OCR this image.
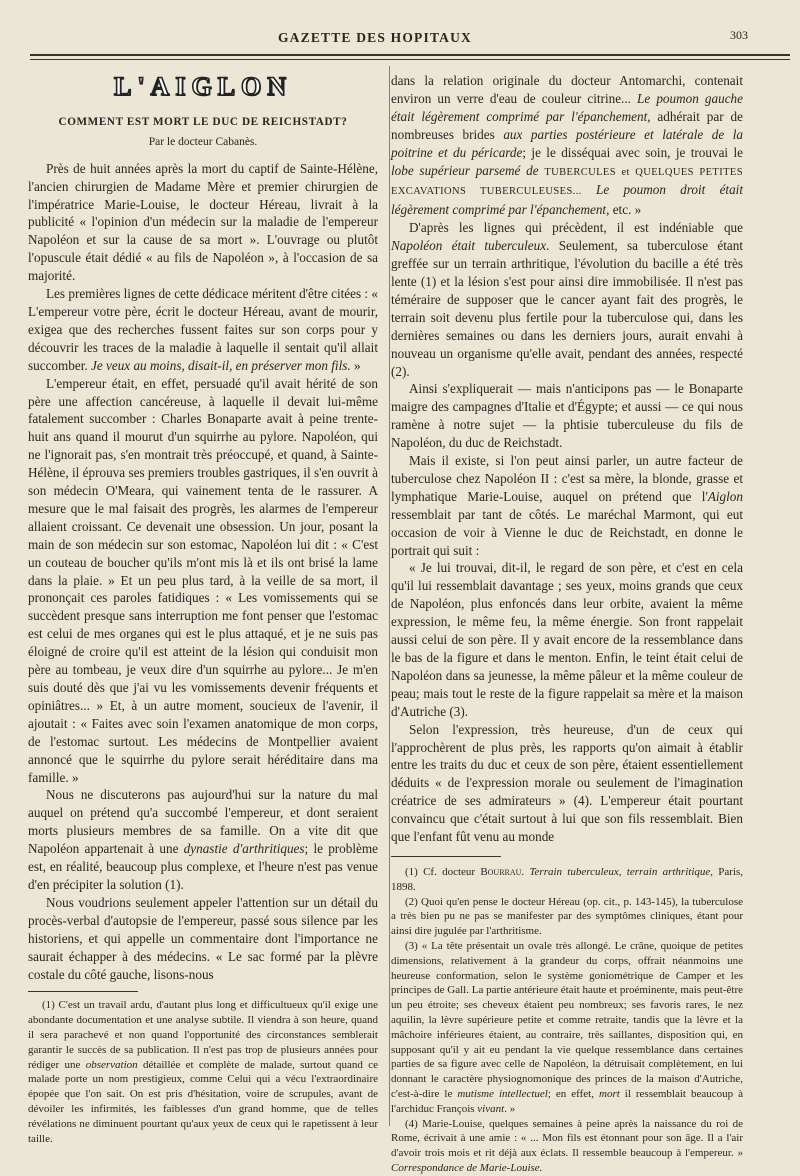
GAZETTE DES HOPITAUX	303
L'AIGLON
COMMENT EST MORT LE DUC DE REICHSTADT?
Par le docteur Cabanès.

Près de huit années après la mort du captif de Sainte-Hélène, l'ancien chirurgien de Madame Mère et premier chirurgien de l'impératrice Marie-Louise, le docteur Héreau, livrait à la publicité « l'opinion d'un médecin sur la maladie de l'empereur Napoléon et sur la cause de sa mort ». L'ouvrage ou plutôt l'opuscule était dédié « au fils de Napoléon », à l'occasion de sa majorité.

Les premières lignes de cette dédicace méritent d'être citées : « L'empereur votre père, écrit le docteur Héreau, avant de mourir, exigea que des recherches fussent faites sur son corps pour y découvrir les traces de la maladie à laquelle il sentait qu'il allait succomber. Je veux au moins, disait-il, en préserver mon fils. »

L'empereur était, en effet, persuadé qu'il avait hérité de son père une affection cancéreuse, à laquelle il devait lui-même fatalement succomber : Charles Bonaparte avait à peine trente-huit ans quand il mourut d'un squirrhe au pylore. Napoléon, qui ne l'ignorait pas, s'en montrait très préoccupé, et quand, à Sainte-Hélène, il éprouva ses premiers troubles gastriques, il s'en ouvrit à son médecin O'Meara, qui vainement tenta de le rassurer. A mesure que le mal faisait des progrès, les alarmes de l'empereur allaient croissant. Ce devenait une obsession. Un jour, posant la main de son médecin sur son estomac, Napoléon lui dit : « C'est un couteau de boucher qu'ils m'ont mis là et ils ont brisé la lame dans la plaie. » Et un peu plus tard, à la veille de sa mort, il prononçait ces paroles fatidiques : « Les vomissements qui se succèdent presque sans interruption me font penser que l'estomac est celui de mes organes qui est le plus attaqué, et je ne suis pas éloigné de croire qu'il est atteint de la lésion qui conduisit mon père au tombeau, je veux dire d'un squirrhe au pylore... Je m'en suis douté dès que j'ai vu les vomissements devenir fréquents et opiniâtres... » Et, à un autre moment, soucieux de l'avenir, il ajoutait : « Faites avec soin l'examen anatomique de mon corps, de l'estomac surtout. Les médecins de Montpellier avaient annoncé que le squirrhe du pylore serait héréditaire dans ma famille. »

Nous ne discuterons pas aujourd'hui sur la nature du mal auquel on prétend qu'a succombé l'empereur, et dont seraient morts plusieurs membres de sa famille. On a vite dit que Napoléon appartenait à une dynastie d'arthritiques; le problème est, en réalité, beaucoup plus complexe, et l'heure n'est pas venue d'en précipiter la solution (1).

Nous voudrions seulement appeler l'attention sur un détail du procès-verbal d'autopsie de l'empereur, passé sous silence par les historiens, et qui appelle un commentaire dont l'importance ne saurait échapper à des médecins. « Le sac formé par la plèvre costale du côté gauche, lisons-nous

(1) C'est un travail ardu, d'autant plus long et difficultueux qu'il exige une abondante documentation et une analyse subtile. Il viendra à son heure, quand il sera parachevé et non quand l'opportunité des circonstances semblerait garantir le succès de sa publication. Il n'est pas trop de plusieurs années pour rédiger une observation détaillée et complète de malade, surtout quand ce malade porte un nom prestigieux, comme Celui qui a vécu l'extraordinaire épopée que l'on sait. On est pris d'hésitation, voire de scrupules, avant de dévoiler les infirmités, les faiblesses d'un grand homme, que de telles révélations ne diminuent pourtant qu'aux yeux de ceux qui le rapetissent à leur taille.

dans la relation originale du docteur Antomarchi, contenait environ un verre d'eau de couleur citrine... Le poumon gauche était légèrement comprimé par l'épanchement, adhérait par de nombreuses brides aux parties postérieure et latérale de la poitrine et du péricarde; je le disséquai avec soin, je trouvai le lobe supérieur parsemé de TUBERCULES et QUELQUES PETITES EXCAVATIONS TUBERCULEUSES... Le poumon droit était légèrement comprimé par l'épanchement, etc. »

D'après les lignes qui précèdent, il est indéniable que Napoléon était tuberculeux. Seulement, sa tuberculose étant greffée sur un terrain arthritique, l'évolution du bacille a été très lente (1) et la lésion s'est pour ainsi dire immobilisée. Il n'est pas téméraire de supposer que le cancer ayant fait des progrès, le terrain soit devenu plus fertile pour la tuberculose qui, dans les dernières semaines ou dans les derniers jours, aurait envahi à nouveau un organisme qu'elle avait, pendant des années, respecté (2).

Ainsi s'expliquerait — mais n'anticipons pas — le Bonaparte maigre des campagnes d'Italie et d'Égypte; et aussi — ce qui nous ramène à notre sujet — la phtisie tuberculeuse du fils de Napoléon, du duc de Reichstadt.

Mais il existe, si l'on peut ainsi parler, un autre facteur de tuberculose chez Napoléon II : c'est sa mère, la blonde, grasse et lymphatique Marie-Louise, auquel on prétend que l'Aiglon ressemblait par tant de côtés. Le maréchal Marmont, qui eut occasion de voir à Vienne le duc de Reichstadt, en donne le portrait qui suit :

« Je lui trouvai, dit-il, le regard de son père, et c'est en cela qu'il lui ressemblait davantage ; ses yeux, moins grands que ceux de Napoléon, plus enfoncés dans leur orbite, avaient la même expression, le même feu, la même énergie. Son front rappelait aussi celui de son père. Il y avait encore de la ressemblance dans le bas de la figure et dans le menton. Enfin, le teint était celui de Napoléon dans sa jeunesse, la même pâleur et la même couleur de peau; mais tout le reste de la figure rappelait sa mère et la maison d'Autriche (3).

Selon l'expression, très heureuse, d'un de ceux qui l'approchèrent de plus près, les rapports qu'on aimait à établir entre les traits du duc et ceux de son père, étaient essentiellement déduits « de l'expression morale ou seulement de l'imagination créatrice de ses admirateurs » (4). L'empereur était pourtant convaincu que c'était surtout à lui que son fils ressemblait. Bien que l'enfant fût venu au monde

(1) Cf. docteur Bourrau. Terrain tuberculeux, terrain arthritique, Paris, 1898.

(2) Quoi qu'en pense le docteur Héreau (op. cit., p. 143-145), la tuberculose a très bien pu ne pas se manifester par des symptômes cliniques, étant pour ainsi dire jugulée par l'arthritisme.

(3) « La tête présentait un ovale très allongé. Le crâne, quoique de petites dimensions, relativement à la grandeur du corps, offrait néanmoins une heureuse conformation, selon le système goniométrique de Camper et les principes de Gall. La partie antérieure était haute et proéminente, mais peut-être un peu étroite; ses cheveux étaient peu nombreux; ses favoris rares, le nez aquilin, la lèvre supérieure petite et comme retraite, tandis que la lèvre et la mâchoire inférieures étaient, au contraire, très saillantes, disposition qui, en supposant qu'il y ait eu pendant la vie quelque ressemblance dans certaines parties de sa figure avec celle de Napoléon, la détruisait complètement, en lui donnant le caractère physiognomonique des princes de la maison d'Autriche, c'est-à-dire le mutisme intellectuel; en effet, mort il ressemblait beaucoup à l'archiduc François vivant. »

(4) Marie-Louise, quelques semaines à peine après la naissance du roi de Rome, écrivait à une amie : « ... Mon fils est étonnant pour son âge. Il a l'air d'avoir trois mois et rit déjà aux éclats. Il ressemble beaucoup à l'empereur. » Correspondance de Marie-Louise.
